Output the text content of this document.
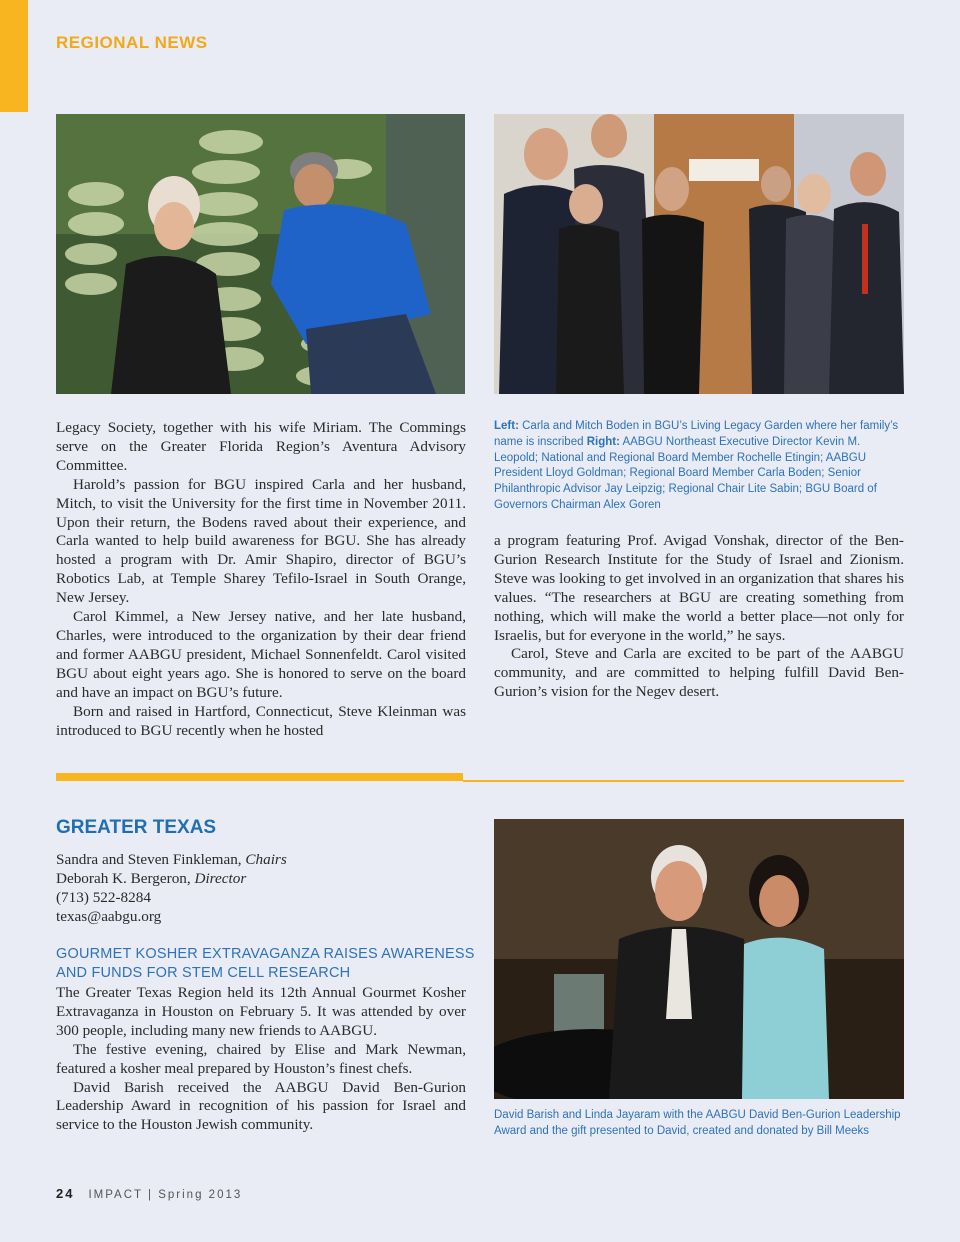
REGIONAL NEWS

Legacy Society, together with his wife Miriam. The Commings serve on the Greater Florida Region’s Aventura Advisory Committee.

Harold’s passion for BGU inspired Carla and her husband, Mitch, to visit the University for the first time in November 2011. Upon their return, the Bodens raved about their experience, and Carla wanted to help build awareness for BGU. She has already hosted a program with Dr. Amir Shapiro, director of BGU’s Robotics Lab, at Temple Sharey Tefilo-Israel in South Orange, New Jersey.

Carol Kimmel, a New Jersey native, and her late husband, Charles, were introduced to the organization by their dear friend and former AABGU president, Michael Sonnenfeldt. Carol visited BGU about eight years ago. She is honored to serve on the board and have an impact on BGU’s future.

Born and raised in Hartford, Connecticut, Steve Kleinman was introduced to BGU recently when he hosted

Left: Carla and Mitch Boden in BGU’s Living Legacy Garden where her family’s name is inscribed Right: AABGU Northeast Executive Director Kevin M. Leopold; National and Regional Board Member Rochelle Etingin; AABGU President Lloyd Goldman; Regional Board Member Carla Boden; Senior Philanthropic Advisor Jay Leipzig; Regional Chair Lite Sabin; BGU Board of Governors Chairman Alex Goren

a program featuring Prof. Avigad Vonshak, director of the Ben-Gurion Research Institute for the Study of Israel and Zionism. Steve was looking to get involved in an organization that shares his values. “The researchers at BGU are creating something from nothing, which will make the world a better place—not only for Israelis, but for everyone in the world,” he says.

Carol, Steve and Carla are excited to be part of the AABGU community, and are committed to helping fulfill David Ben-Gurion’s vision for the Negev desert.

GREATER TEXAS
Sandra and Steven Finkleman, Chairs
Deborah K. Bergeron, Director
(713) 522-8284
texas@aabgu.org
GOURMET KOSHER EXTRAVAGANZA RAISES AWARENESS
AND FUNDS FOR STEM CELL RESEARCH

The Greater Texas Region held its 12th Annual Gourmet Kosher Extravaganza in Houston on February 5. It was attended by over 300 people, including many new friends to AABGU.

The festive evening, chaired by Elise and Mark Newman, featured a kosher meal prepared by Houston’s finest chefs.

David Barish received the AABGU David Ben-Gurion Leadership Award in recognition of his passion for Israel and service to the Houston Jewish community.

David Barish and Linda Jayaram with the AABGU David Ben-Gurion Leadership Award and the gift presented to David, created and donated by Bill Meeks
24 IMPACT | Spring 2013
